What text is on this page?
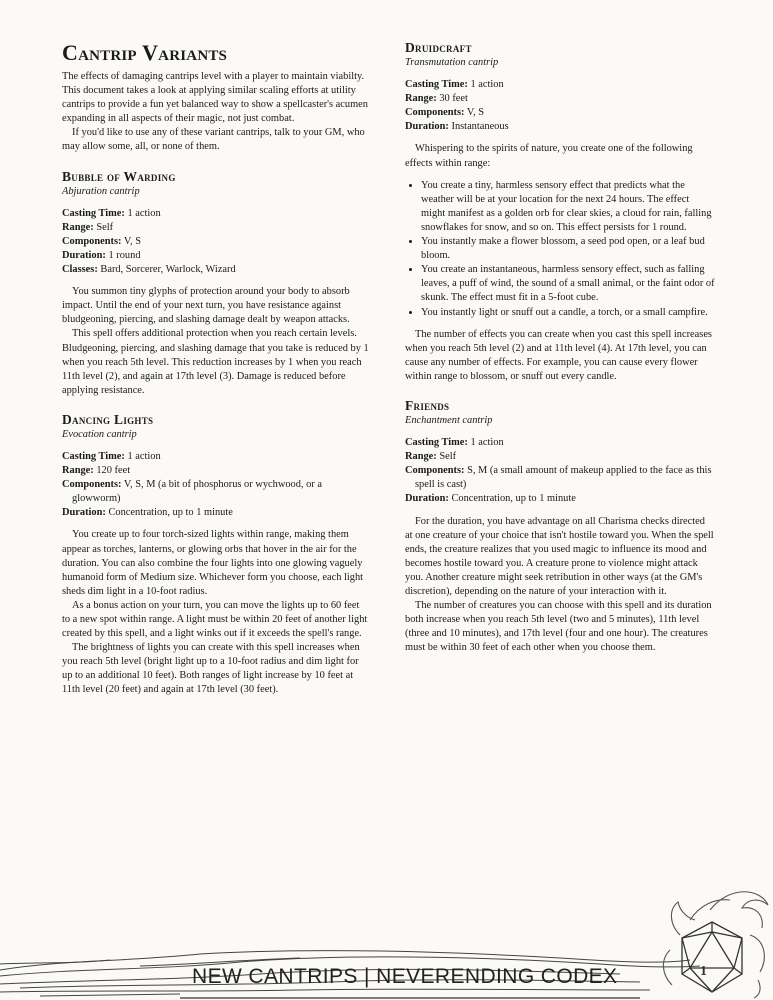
Cantrip Variants

The effects of damaging cantrips level with a player to maintain viabilty. This document takes a look at applying similar scaling efforts at utility cantrips to provide a fun yet balanced way to show a spellcaster's acumen expanding in all aspects of their magic, not just combat.

If you'd like to use any of these variant cantrips, talk to your GM, who may allow some, all, or none of them.

Bubble of Warding

Abjuration cantrip

Casting Time: 1 action

Range: Self

Components: V, S

Duration: 1 round

Classes: Bard, Sorcerer, Warlock, Wizard

You summon tiny glyphs of protection around your body to absorb impact. Until the end of your next turn, you have resistance against bludgeoning, piercing, and slashing damage dealt by weapon attacks.

This spell offers additional protection when you reach certain levels. Bludgeoning, piercing, and slashing damage that you take is reduced by 1 when you reach 5th level. This reduction increases by 1 when you reach 11th level (2), and again at 17th level (3). Damage is reduced before applying resistance.

Dancing Lights

Evocation cantrip

Casting Time: 1 action

Range: 120 feet

Components: V, S, M (a bit of phosphorus or wychwood, or a glowworm)

Duration: Concentration, up to 1 minute

You create up to four torch-sized lights within range, making them appear as torches, lanterns, or glowing orbs that hover in the air for the duration. You can also combine the four lights into one glowing vaguely humanoid form of Medium size. Whichever form you choose, each light sheds dim light in a 10-foot radius.

As a bonus action on your turn, you can move the lights up to 60 feet to a new spot within range. A light must be within 20 feet of another light created by this spell, and a light winks out if it exceeds the spell's range.

The brightness of lights you can create with this spell increases when you reach 5th level (bright light up to a 10-foot radius and dim light for up to an additional 10 feet). Both ranges of light increase by 10 feet at 11th level (20 feet) and again at 17th level (30 feet).

Druidcraft

Transmutation cantrip

Casting Time: 1 action

Range: 30 feet

Components: V, S

Duration: Instantaneous

Whispering to the spirits of nature, you create one of the following effects within range:

• You create a tiny, harmless sensory effect that predicts what the weather will be at your location for the next 24 hours. The effect might manifest as a golden orb for clear skies, a cloud for rain, falling snowflakes for snow, and so on. This effect persists for 1 round.
• You instantly make a flower blossom, a seed pod open, or a leaf bud bloom.
• You create an instantaneous, harmless sensory effect, such as falling leaves, a puff of wind, the sound of a small animal, or the faint odor of skunk. The effect must fit in a 5-foot cube.
• You instantly light or snuff out a candle, a torch, or a small campfire.

The number of effects you can create when you cast this spell increases when you reach 5th level (2) and at 11th level (4). At 17th level, you can cause any number of effects. For example, you can cause every flower within range to blossom, or snuff out every candle.

Friends

Enchantment cantrip

Casting Time: 1 action

Range: Self

Components: S, M (a small amount of makeup applied to the face as this spell is cast)

Duration: Concentration, up to 1 minute

For the duration, you have advantage on all Charisma checks directed at one creature of your choice that isn't hostile toward you. When the spell ends, the creature realizes that you used magic to influence its mood and becomes hostile toward you. A creature prone to violence might attack you. Another creature might seek retribution in other ways (at the GM's discretion), depending on the nature of your interaction with it.

The number of creatures you can choose with this spell and its duration both increase when you reach 5th level (two and 5 minutes), 11th level (three and 10 minutes), and 17th level (four and one hour). The creatures must be within 30 feet of each other when you choose them.

NEW CANTRIPS | NEVERENDING CODEX	1
